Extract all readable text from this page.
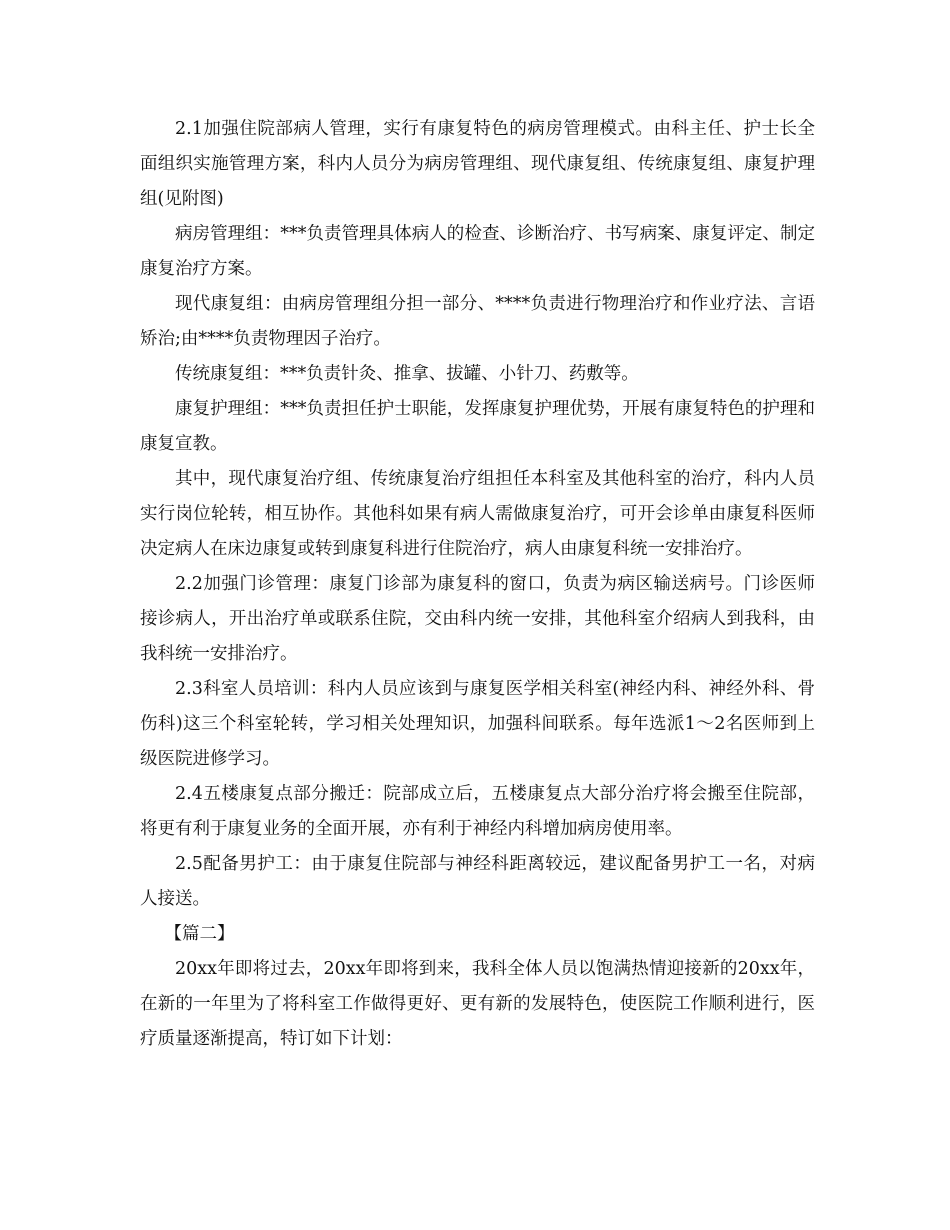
2.1加强住院部病人管理，实行有康复特色的病房管理模式。由科主任、护士长全面组织实施管理方案，科内人员分为病房管理组、现代康复组、传统康复组、康复护理组(见附图)

病房管理组：***负责管理具体病人的检查、诊断治疗、书写病案、康复评定、制定康复治疗方案。

现代康复组：由病房管理组分担一部分、****负责进行物理治疗和作业疗法、言语矫治;由****负责物理因子治疗。

传统康复组：***负责针灸、推拿、拔罐、小针刀、药敷等。

康复护理组：***负责担任护士职能，发挥康复护理优势，开展有康复特色的护理和康复宣教。

其中，现代康复治疗组、传统康复治疗组担任本科室及其他科室的治疗，科内人员实行岗位轮转，相互协作。其他科如果有病人需做康复治疗，可开会诊单由康复科医师决定病人在床边康复或转到康复科进行住院治疗，病人由康复科统一安排治疗。

2.2加强门诊管理：康复门诊部为康复科的窗口，负责为病区输送病号。门诊医师接诊病人，开出治疗单或联系住院，交由科内统一安排，其他科室介绍病人到我科，由我科统一安排治疗。

2.3科室人员培训：科内人员应该到与康复医学相关科室(神经内科、神经外科、骨伤科)这三个科室轮转，学习相关处理知识，加强科间联系。每年选派1～2名医师到上级医院进修学习。

2.4五楼康复点部分搬迁：院部成立后，五楼康复点大部分治疗将会搬至住院部，将更有利于康复业务的全面开展，亦有利于神经内科增加病房使用率。

2.5配备男护工：由于康复住院部与神经科距离较远，建议配备男护工一名，对病人接送。

【篇二】

20xx年即将过去，20xx年即将到来，我科全体人员以饱满热情迎接新的20xx年，在新的一年里为了将科室工作做得更好、更有新的发展特色，使医院工作顺利进行，医疗质量逐渐提高，特订如下计划：
